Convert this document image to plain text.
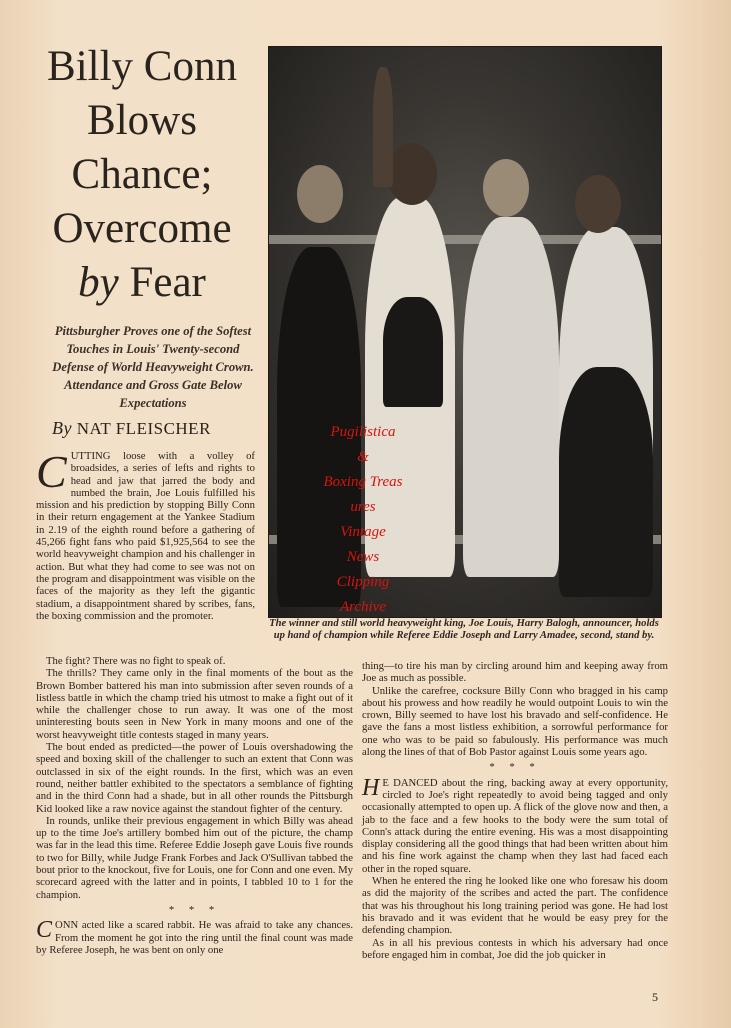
Billy Conn
Blows
Chance;
Overcome
by Fear

Pittsburgher Proves one of the Softest Touches in Louis' Twenty-second Defense of World Heavyweight Crown. Attendance and Gross Gate Below Expectations

By NAT FLEISCHER	Pugilistica
&
Boxing Treas
ures
Vintage
News
Clipping
Archive
The winner and still world heavyweight king, Joe Louis, Harry Balogh, announcer, holds up hand of champion while Referee Eddie Joseph and Larry Amadee, second, stand by.
C UTTING loose with a volley of broadsides, a series of lefts and rights to head and jaw that jarred the body and numbed the brain, Joe Louis fulfilled his mission and his prediction by stopping Billy Conn in their return engagement at the Yankee Stadium in 2.19 of the eighth round before a gathering of 45,266 fight fans who paid $1,925,564 to see the world heavyweight champion and his challenger in action. But what they had come to see was not on the program and disappointment was visible on the faces of the majority as they left the gigantic stadium, a disappointment shared by scribes, fans, the boxing commission and the promoter.

The fight? There was no fight to speak of.

The thrills? They came only in the final moments of the bout as the Brown Bomber battered his man into submission after seven rounds of a listless battle in which the champ tried his utmost to make a fight out of it while the challenger chose to run away. It was one of the most uninteresting bouts seen in New York in many moons and one of the worst heavyweight title contests staged in many years.

The bout ended as predicted—the power of Louis overshadowing the speed and boxing skill of the challenger to such an extent that Conn was outclassed in six of the eight rounds. In the first, which was an even round, neither battler exhibited to the spectators a semblance of fighting and in the third Conn had a shade, but in all other rounds the Pittsburgh Kid looked like a raw novice against the standout fighter of the century.

In rounds, unlike their previous engagement in which Billy was ahead up to the time Joe's artillery bombed him out of the picture, the champ was far in the lead this time. Referee Eddie Joseph gave Louis five rounds to two for Billy, while Judge Frank Forbes and Jack O'Sullivan tabbed the bout prior to the knockout, five for Louis, one for Conn and one even. My scorecard agreed with the latter and in points, I tabbled 10 to 1 for the champion.

* * *
C ONN acted like a scared rabbit. He was afraid to take any chances. From the moment he got into the ring until the final count was made by Referee Joseph, he was bent on only one

thing—to tire his man by circling around him and keeping away from Joe as much as possible.

Unlike the carefree, cocksure Billy Conn who bragged in his camp about his prowess and how readily he would outpoint Louis to win the crown, Billy seemed to have lost his bravado and self-confidence. He gave the fans a most listless exhibition, a sorrowful performance for one who was to be paid so fabulously. His performance was much along the lines of that of Bob Pastor against Louis some years ago.

* * *
H E DANCED about the ring, backing away at every opportunity, circled to Joe's right repeatedly to avoid being tagged and only occasionally attempted to open up. A flick of the glove now and then, a jab to the face and a few hooks to the body were the sum total of Conn's attack during the entire evening. His was a most disappointing display considering all the good things that had been written about him and his fine work against the champ when they last had faced each other in the roped square.

When he entered the ring he looked like one who foresaw his doom as did the majority of the scribes and acted the part. The confidence that was his throughout his long training period was gone. He had lost his bravado and it was evident that he would be easy prey for the defending champion.

As in all his previous contests in which his adversary had once before engaged him in combat, Joe did the job quicker in

5
